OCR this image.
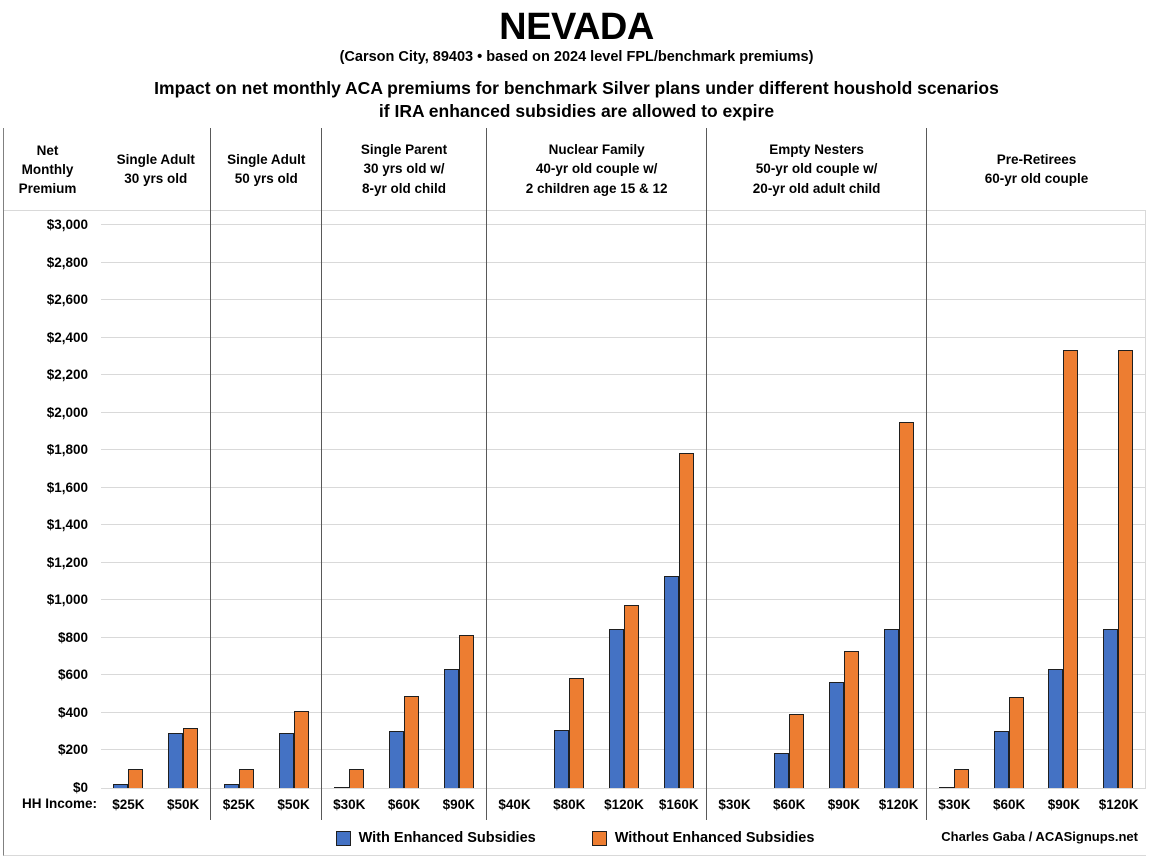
NEVADA
(Carson City, 89403 • based on 2024 level FPL/benchmark premiums)
Impact on net monthly ACA premiums for benchmark Silver plans under different houshold scenarios
if IRA enhanced subsidies are allowed to expire
Net
Monthly
Premium
$0
$200
$400
$600
$800
$1,000
$1,200
$1,400
$1,600
$1,800
$2,000
$2,200
$2,400
$2,600
$2,800
$3,000
HH Income:
Single Adult
30 yrs old
$25K	$50K
Single Adult
50 yrs old
$25K	$50K
Single Parent
30 yrs old w/
8-yr old child
$30K	$60K	$90K
Nuclear Family
40-yr old couple w/
2 children age 15 & 12
$40K	$80K	$120K	$160K
Empty Nesters
50-yr old couple w/
20-yr old adult child
$30K	$60K	$90K	$120K
Pre-Retirees
60-yr old couple
$30K	$60K	$90K	$120K
With Enhanced Subsidies	Without Enhanced Subsidies	Charles Gaba / ACASignups.net
